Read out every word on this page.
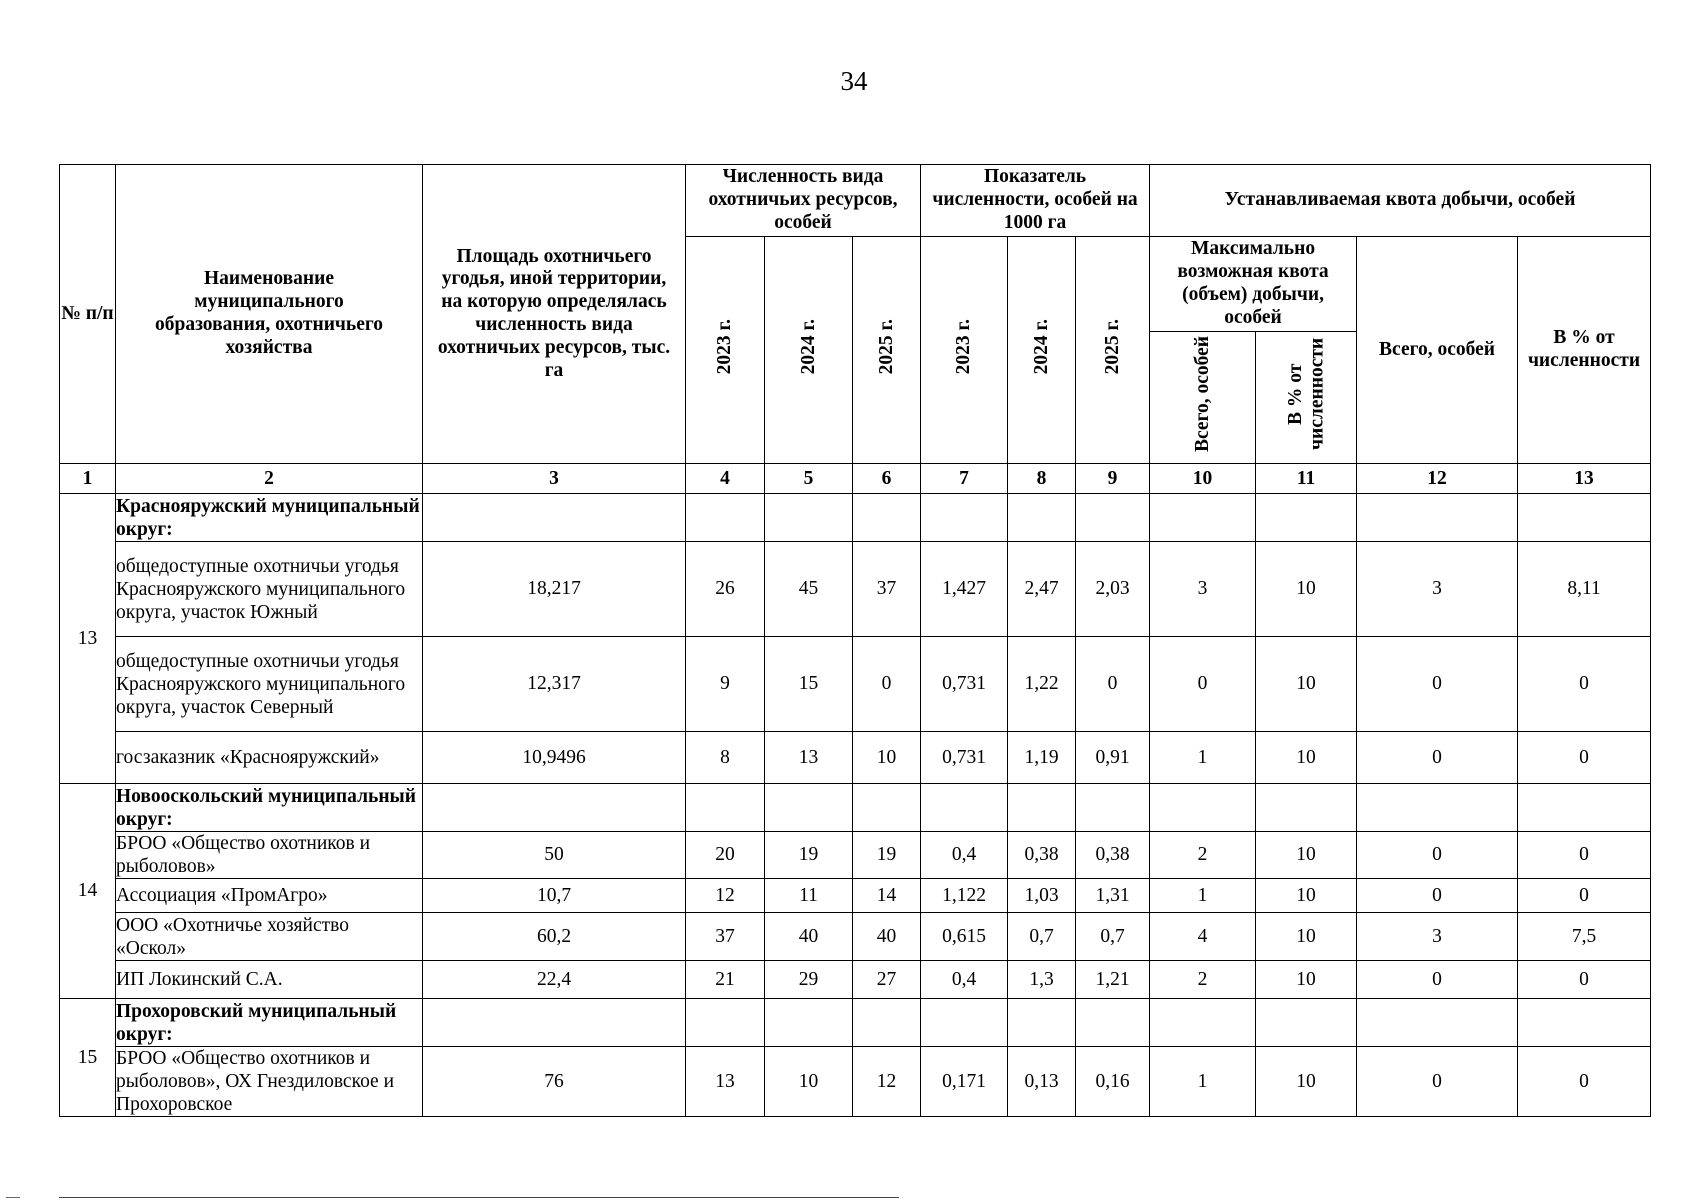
34
№ п/п	Наименование муниципального образования, охотничьего хозяйства	Площадь охотничьего угодья, иной территории, на которую определялась численность вида охотничьих ресурсов, тыс. га	Численность вида охотничьих ресурсов, особей			Показатель численности, особей на 1000 га			Устанавливаемая квота добычи, особей			
			2023 г.	2024 г.	2025 г.	2023 г.	2024 г.	2025 г.	Максимально возможная квота (объем) добычи, особей		Всего, особей	В % от численности
									Всего, особей	В % от численности		
1	2	3	4	5	6	7	8	9	10	11	12	13
13	Краснояружский муниципальный округ:											
	общедоступные охотничьи угодья Краснояружского муниципального округа, участок Южный	18,217	26	45	37	1,427	2,47	2,03	3	10	3	8,11
	общедоступные охотничьи угодья Краснояружского муниципального округа, участок Северный	12,317	9	15	0	0,731	1,22	0	0	10	0	0
	госзаказник «Краснояружский»	10,9496	8	13	10	0,731	1,19	0,91	1	10	0	0
14	Новооскольский муниципальный округ:											
	БРОО «Общество охотников и рыболовов»	50	20	19	19	0,4	0,38	0,38	2	10	0	0
	Ассоциация «ПромАгро»	10,7	12	11	14	1,122	1,03	1,31	1	10	0	0
	ООО «Охотничье хозяйство «Оскол»	60,2	37	40	40	0,615	0,7	0,7	4	10	3	7,5
	ИП Локинский С.А.	22,4	21	29	27	0,4	1,3	1,21	2	10	0	0
15	Прохоровский муниципальный округ:											
	БРОО «Общество охотников и рыболовов», ОХ Гнездиловское и Прохоровское	76	13	10	12	0,171	0,13	0,16	1	10	0	0
